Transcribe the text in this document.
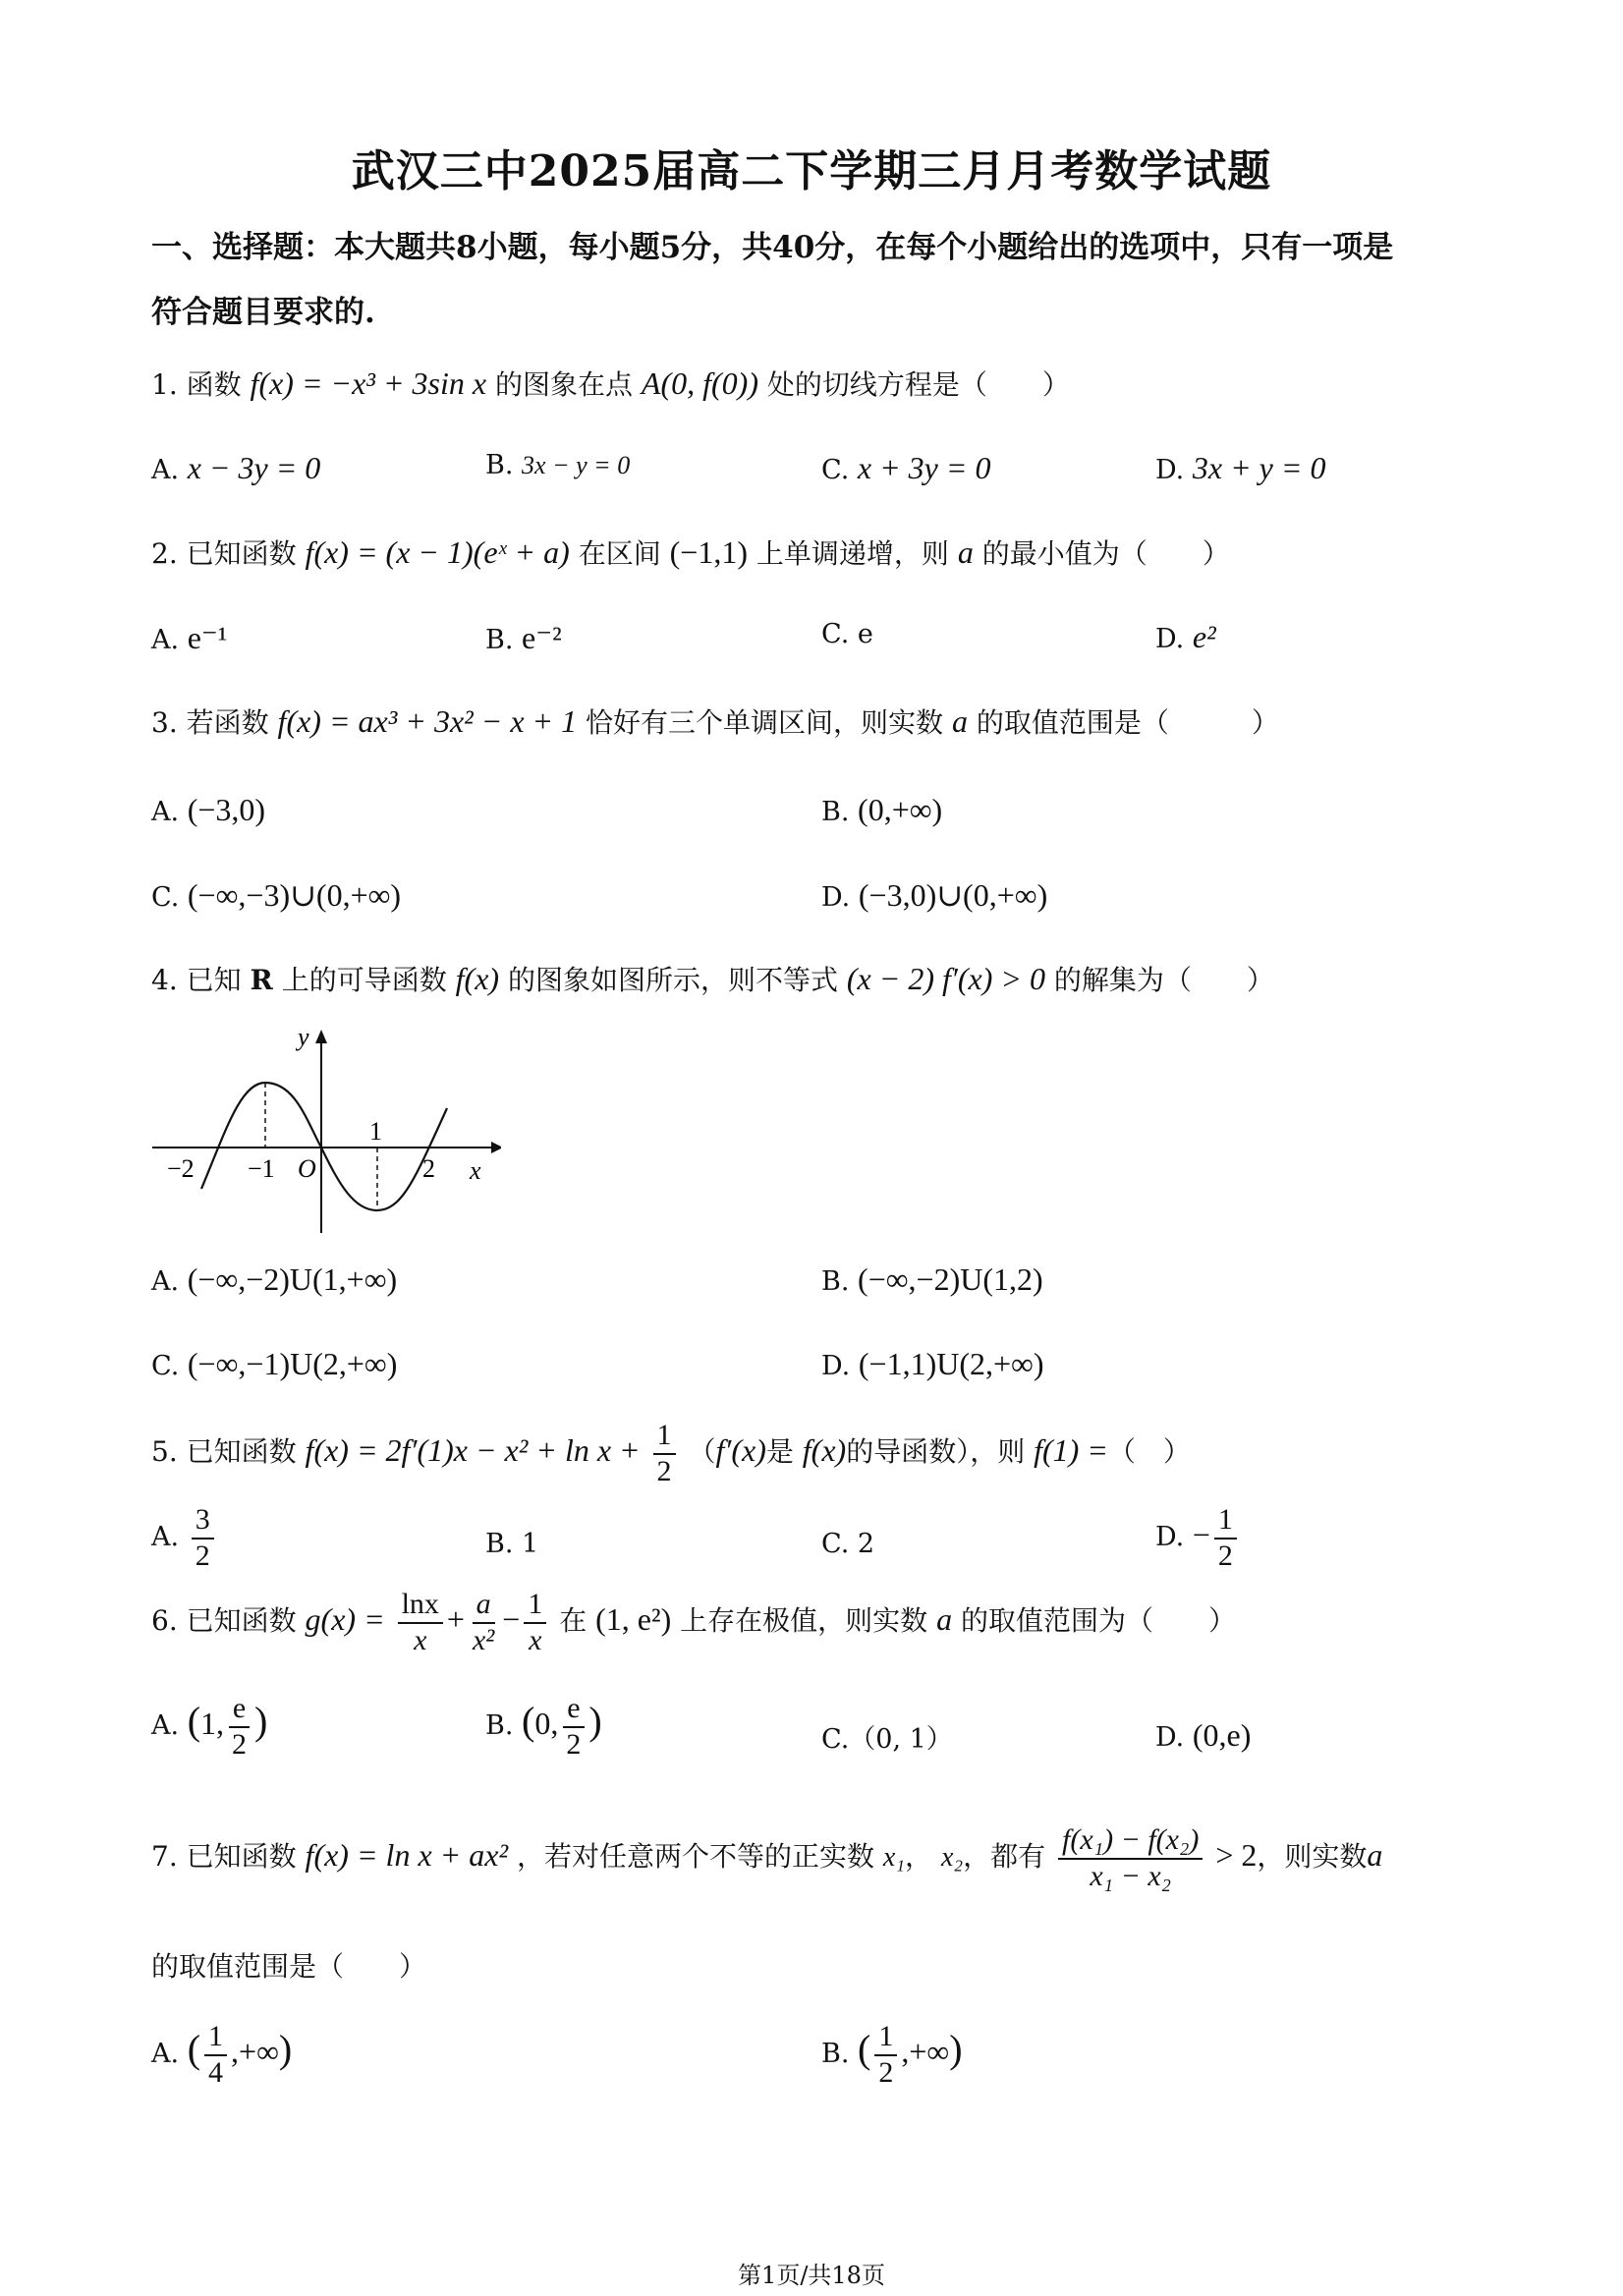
武汉三中2025届高二下学期三月月考数学试题
一、选择题：本大题共8小题，每小题5分，共40分，在每个小题给出的选项中，只有一项是
符合题目要求的.
1. 函数 f(x) = −x³ + 3sin x 的图象在点 A(0, f(0)) 处的切线方程是（　　）
A. x − 3y = 0	B. 3x − y = 0	C. x + 3y = 0	D. 3x + y = 0
2. 已知函数 f(x) = (x − 1)(eˣ + a) 在区间 (−1,1) 上单调递增，则 a 的最小值为（　　）
A. e⁻¹	B. e⁻²	C. e	D. e²
3. 若函数 f(x) = ax³ + 3x² − x + 1 恰好有三个单调区间，则实数 a 的取值范围是（　　　）
A. (−3,0)	B. (0,+∞)
C. (−∞,−3)∪(0,+∞)	D. (−3,0)∪(0,+∞)
4. 已知 R 上的可导函数 f(x) 的图象如图所示，则不等式 (x − 2) f′(x) > 0 的解集为（　　）
y
x
O
−2 −1
1
2
A. (−∞,−2)U(1,+∞)	B. (−∞,−2)U(1,2)
C. (−∞,−1)U(2,+∞)	D. (−1,1)U(2,+∞)
5. 已知函数 $f(x) = 2f'(1)x - x^2 + \ln x + \frac{1}{2} (f'(x)$是 f(x)的导函数），则 f(1) =（　）
A. $\frac{3}{2}$	B. 1	C. 2	D. − $\frac{1}{2}$
6. 已知函数 $g(x) = \frac{\ln x}{x} + \frac{a}{\text{x²}} - \frac{1}{x}$ 在 (1, e²) 上存在极值，则实数 a 的取值范围为（　　）
A. (1, $\frac{e}{2}$ )	B. (0, $\frac{e}{2}$ )	C.（0, 1）	D. (0,e)
7. 已知函数 f(x) = ln x + ax² ，若对任意两个不等的正实数 x₁， x₂，都有 $\frac{\text{f(x₁) − f(x₂)}}{\text{x₁ − x₂}} > 2$，则实数a
的取值范围是（　　）
A. ( $\frac{1}{4}$ ,+∞)	B. ( $\frac{1}{2}$ ,+∞)
第1页/共18页
